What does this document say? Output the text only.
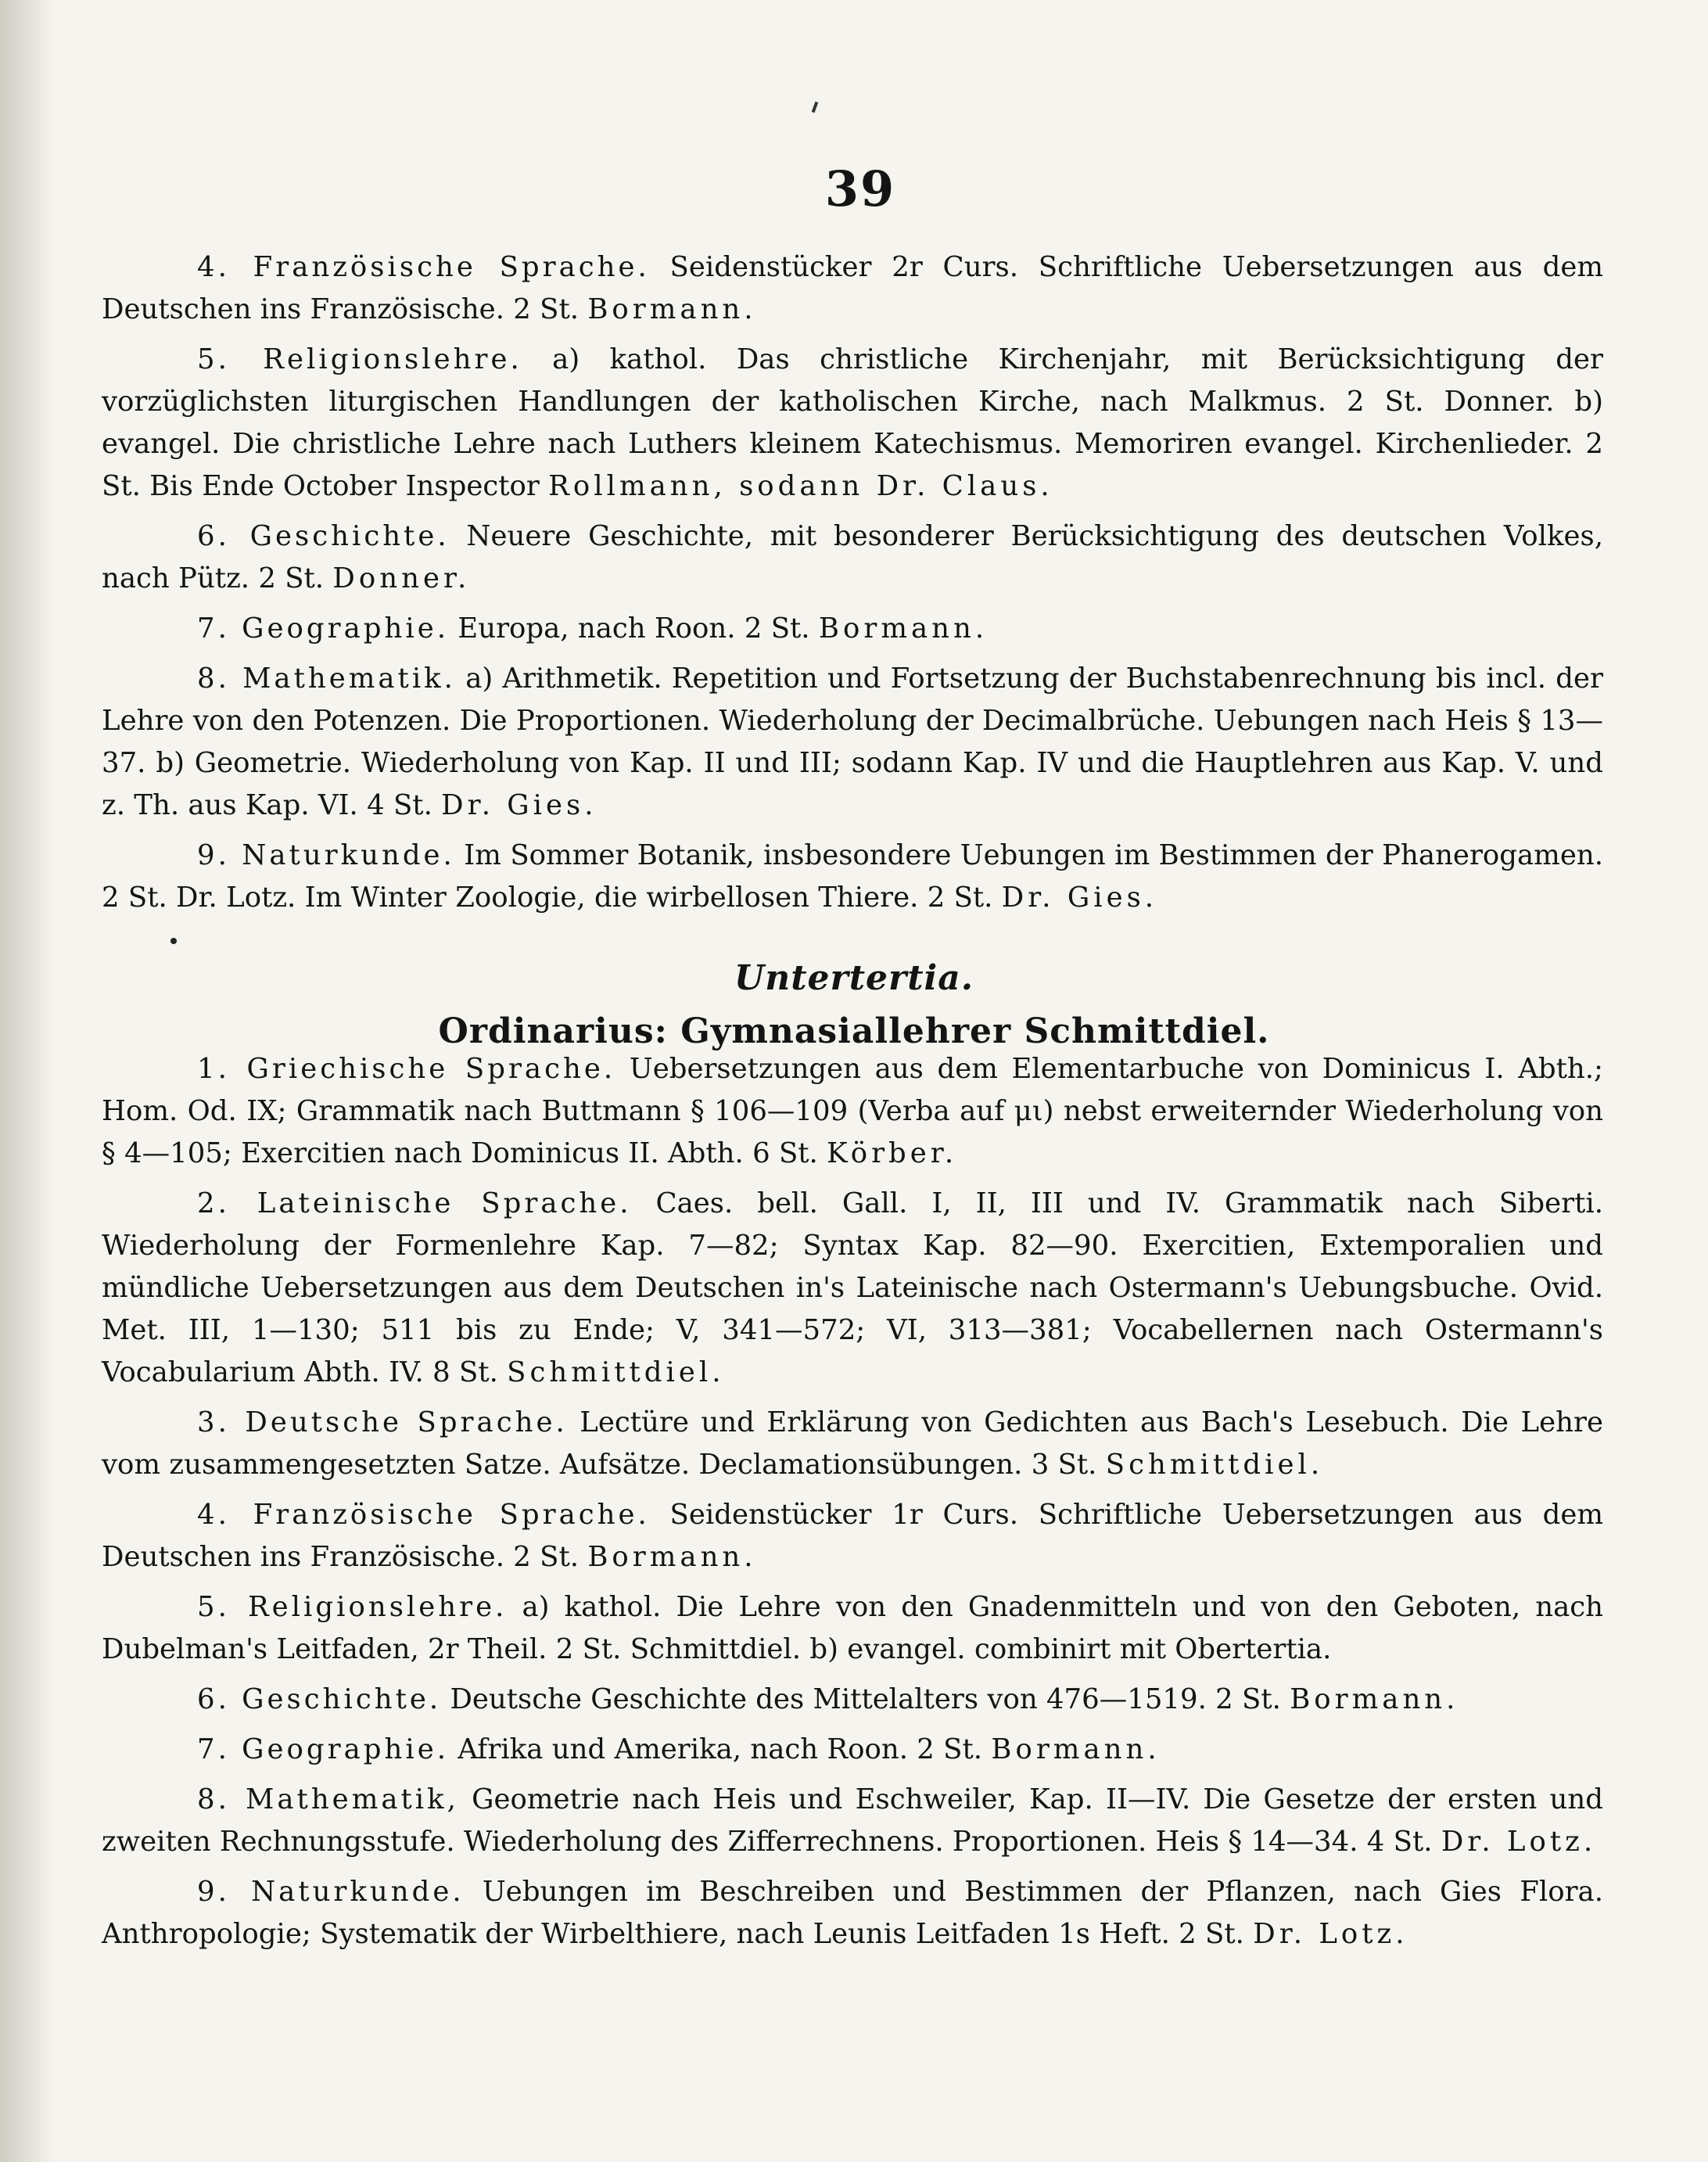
39

4. Französische Sprache. Seidenstücker 2r Curs. Schriftliche Uebersetzungen aus dem Deutschen ins Französische. 2 St. Bormann.

5. Religionslehre. a) kathol. Das christliche Kirchenjahr, mit Berücksichtigung der vorzüglichsten liturgischen Handlungen der katholischen Kirche, nach Malkmus. 2 St. Donner. b) evangel. Die christliche Lehre nach Luthers kleinem Katechismus. Memoriren evangel. Kirchenlieder. 2 St. Bis Ende October Inspector Rollmann, sodann Dr. Claus.

6. Geschichte. Neuere Geschichte, mit besonderer Berücksichtigung des deutschen Volkes, nach Pütz. 2 St. Donner.

7. Geographie. Europa, nach Roon. 2 St. Bormann.

8. Mathematik. a) Arithmetik. Repetition und Fortsetzung der Buchstabenrechnung bis incl. der Lehre von den Potenzen. Die Proportionen. Wiederholung der Decimalbrüche. Uebungen nach Heis § 13—37. b) Geometrie. Wiederholung von Kap. II und III; sodann Kap. IV und die Hauptlehren aus Kap. V. und z. Th. aus Kap. VI. 4 St. Dr. Gies.

9. Naturkunde. Im Sommer Botanik, insbesondere Uebungen im Bestimmen der Phanerogamen. 2 St. Dr. Lotz. Im Winter Zoologie, die wirbellosen Thiere. 2 St. Dr. Gies.

Untertertia.
Ordinarius: Gymnasiallehrer Schmittdiel.

1. Griechische Sprache. Uebersetzungen aus dem Elementarbuche von Dominicus I. Abth.; Hom. Od. IX; Grammatik nach Buttmann § 106—109 (Verba auf μι) nebst erweiternder Wiederholung von § 4—105; Exercitien nach Dominicus II. Abth. 6 St. Körber.

2. Lateinische Sprache. Caes. bell. Gall. I, II, III und IV. Grammatik nach Siberti. Wiederholung der Formenlehre Kap. 7—82; Syntax Kap. 82—90. Exercitien, Extemporalien und mündliche Uebersetzungen aus dem Deutschen in's Lateinische nach Ostermann's Uebungsbuche. Ovid. Met. III, 1—130; 511 bis zu Ende; V, 341—572; VI, 313—381; Vocabellernen nach Ostermann's Vocabularium Abth. IV. 8 St. Schmittdiel.

3. Deutsche Sprache. Lectüre und Erklärung von Gedichten aus Bach's Lesebuch. Die Lehre vom zusammengesetzten Satze. Aufsätze. Declamationsübungen. 3 St. Schmittdiel.

4. Französische Sprache. Seidenstücker 1r Curs. Schriftliche Uebersetzungen aus dem Deutschen ins Französische. 2 St. Bormann.

5. Religionslehre. a) kathol. Die Lehre von den Gnadenmitteln und von den Geboten, nach Dubelman's Leitfaden, 2r Theil. 2 St. Schmittdiel. b) evangel. combinirt mit Obertertia.

6. Geschichte. Deutsche Geschichte des Mittelalters von 476—1519. 2 St. Bormann.

7. Geographie. Afrika und Amerika, nach Roon. 2 St. Bormann.

8. Mathematik, Geometrie nach Heis und Eschweiler, Kap. II—IV. Die Gesetze der ersten und zweiten Rechnungsstufe. Wiederholung des Zifferrechnens. Proportionen. Heis § 14—34. 4 St. Dr. Lotz.

9. Naturkunde. Uebungen im Beschreiben und Bestimmen der Pflanzen, nach Gies Flora. Anthropologie; Systematik der Wirbelthiere, nach Leunis Leitfaden 1s Heft. 2 St. Dr. Lotz.
